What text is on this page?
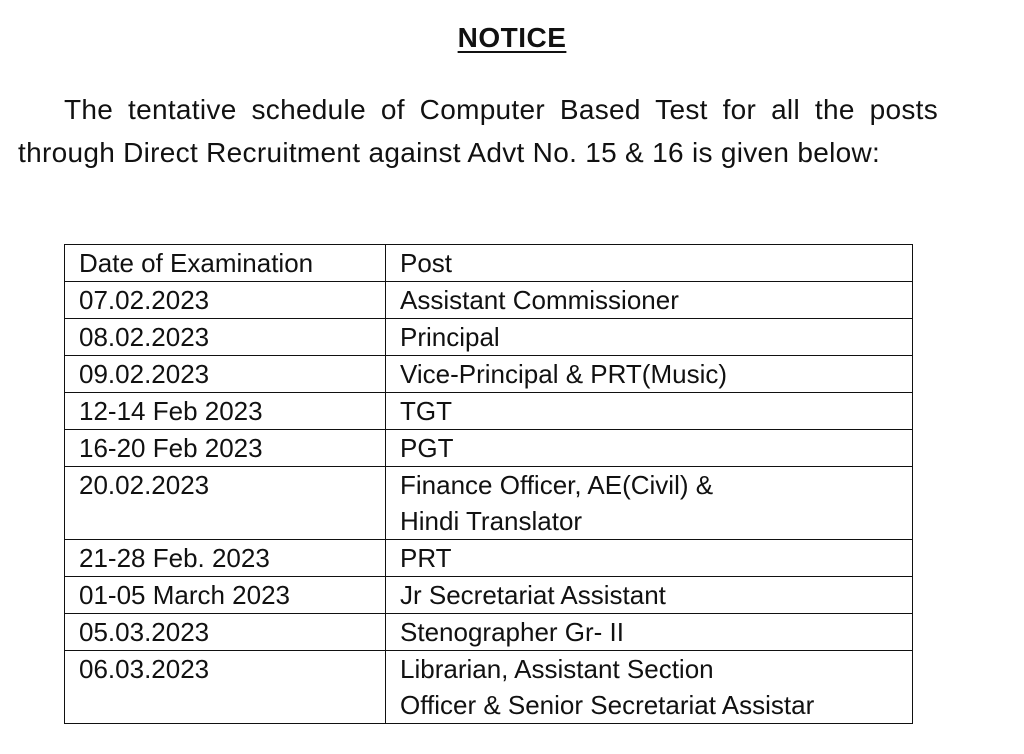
NOTICE
The tentative schedule of Computer Based Test for all the posts through Direct Recruitment against Advt No. 15 & 16 is given below:
Date of Examination	Post
07.02.2023	Assistant Commissioner

08.02.2023	Principal

09.02.2023	Vice-Principal & PRT(Music)

12-14 Feb 2023	TGT

16-20 Feb 2023	PGT

20.02.2023	Finance Officer, AE(Civil) &
Hindi Translator

21-28 Feb. 2023	PRT

01-05 March 2023	Jr Secretariat Assistant

05.03.2023	Stenographer Gr- II

06.03.2023	Librarian, Assistant Section
Officer & Senior Secretariat Assistar
